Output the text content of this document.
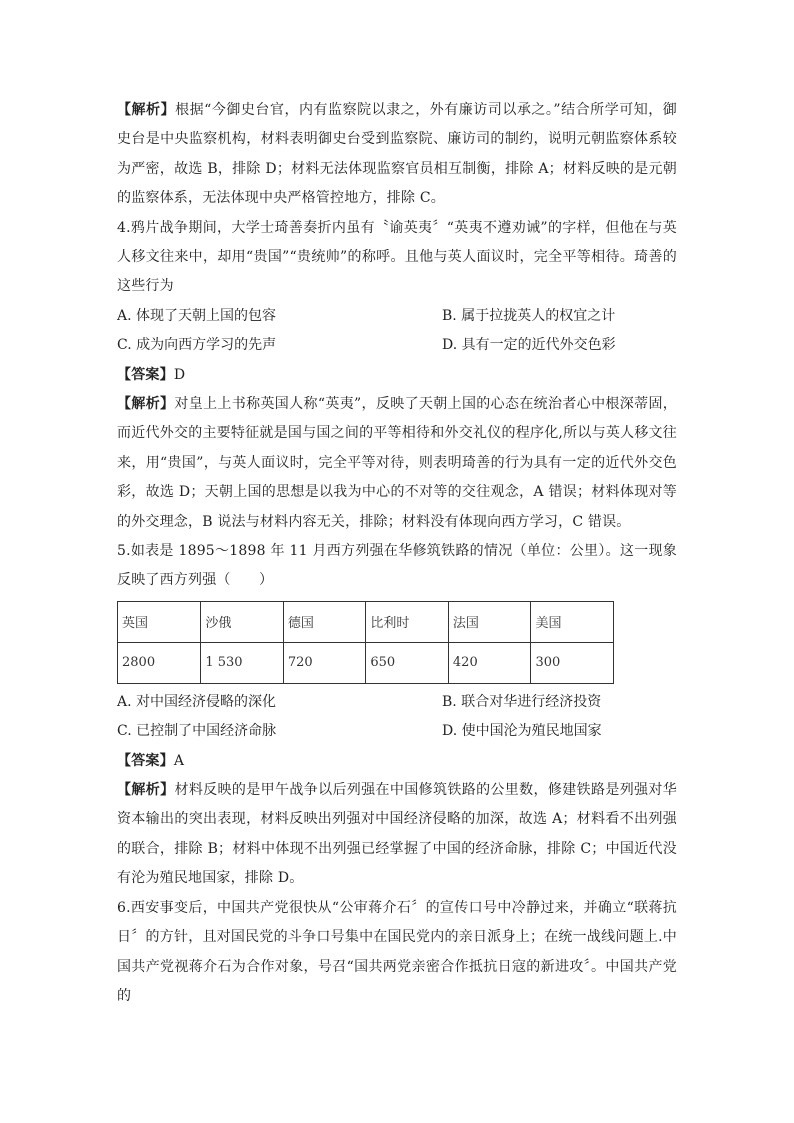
【解析】根据“今御史台官，内有监察院以隶之，外有廉访司以承之。”结合所学可知，御史台是中央监察机构，材料表明御史台受到监察院、廉访司的制约，说明元朝监察体系较为严密，故选 B，排除 D；材料无法体现监察官员相互制衡，排除 A；材料反映的是元朝的监察体系，无法体现中央严格管控地方，排除 C。

4.鸦片战争期间，大学士琦善奏折内虽有〝谕英夷〞“英夷不遵劝诫”的字样，但他在与英人移文往来中，却用“贵国”“贵统帅”的称呼。且他与英人面议时，完全平等相待。琦善的这些行为

A. 体现了天朝上国的包容	B. 属于拉拢英人的权宜之计
C. 成为向西方学习的先声	D. 具有一定的近代外交色彩

【答案】D

【解析】对皇上上书称英国人称“英夷”，反映了天朝上国的心态在统治者心中根深蒂固，而近代外交的主要特征就是国与国之间的平等相待和外交礼仪的程序化,所以与英人移文往来，用“贵国”，与英人面议时，完全平等对待，则表明琦善的行为具有一定的近代外交色彩，故选 D；天朝上国的思想是以我为中心的不对等的交往观念，A 错误；材料体现对等的外交理念，B 说法与材料内容无关，排除；材料没有体现向西方学习，C 错误。

5.如表是 1895～1898 年 11 月西方列强在华修筑铁路的情况（单位：公里）。这一现象反映了西方列强（　　）

英国	沙俄	德国	比利时	法国	美国
2800	1 530	720	650	420	300
A. 对中国经济侵略的深化	B. 联合对华进行经济投资
C. 已控制了中国经济命脉	D. 使中国沦为殖民地国家

【答案】A

【解析】材料反映的是甲午战争以后列强在中国修筑铁路的公里数，修建铁路是列强对华资本输出的突出表现，材料反映出列强对中国经济侵略的加深，故选 A；材料看不出列强的联合，排除 B；材料中体现不出列强已经掌握了中国的经济命脉，排除 C；中国近代没有沦为殖民地国家，排除 D。

6.西安事变后，中国共产党很快从“公审蒋介石〞的宣传口号中冷静过来，并确立“联蒋抗日〞的方针，且对国民党的斗争口号集中在国民党内的亲日派身上；在统一战线问题上.中国共产党视蒋介石为合作对象，号召“国共两党亲密合作抵抗日寇的新进攻〞。中国共产党的
